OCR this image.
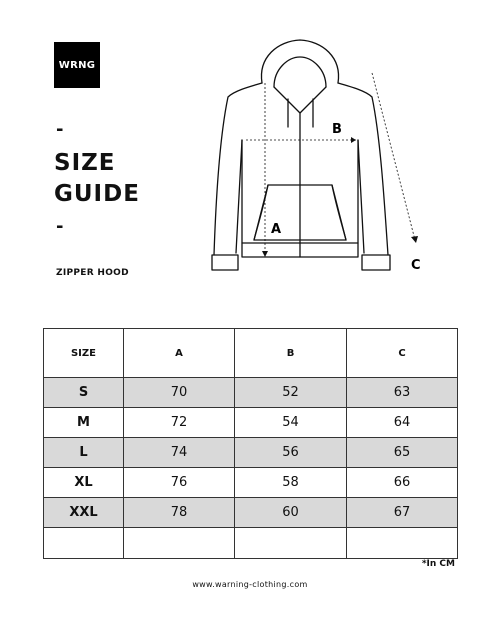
WRNG
-
SIZE
GUIDE
-
ZIPPER HOOD
B
A
C
SIZE	A	B	C
S	70	52	63
M	72	54	64
L	74	56	65
XL	76	58	66
XXL	78	60	67

*In CM
www.warning-clothing.com
